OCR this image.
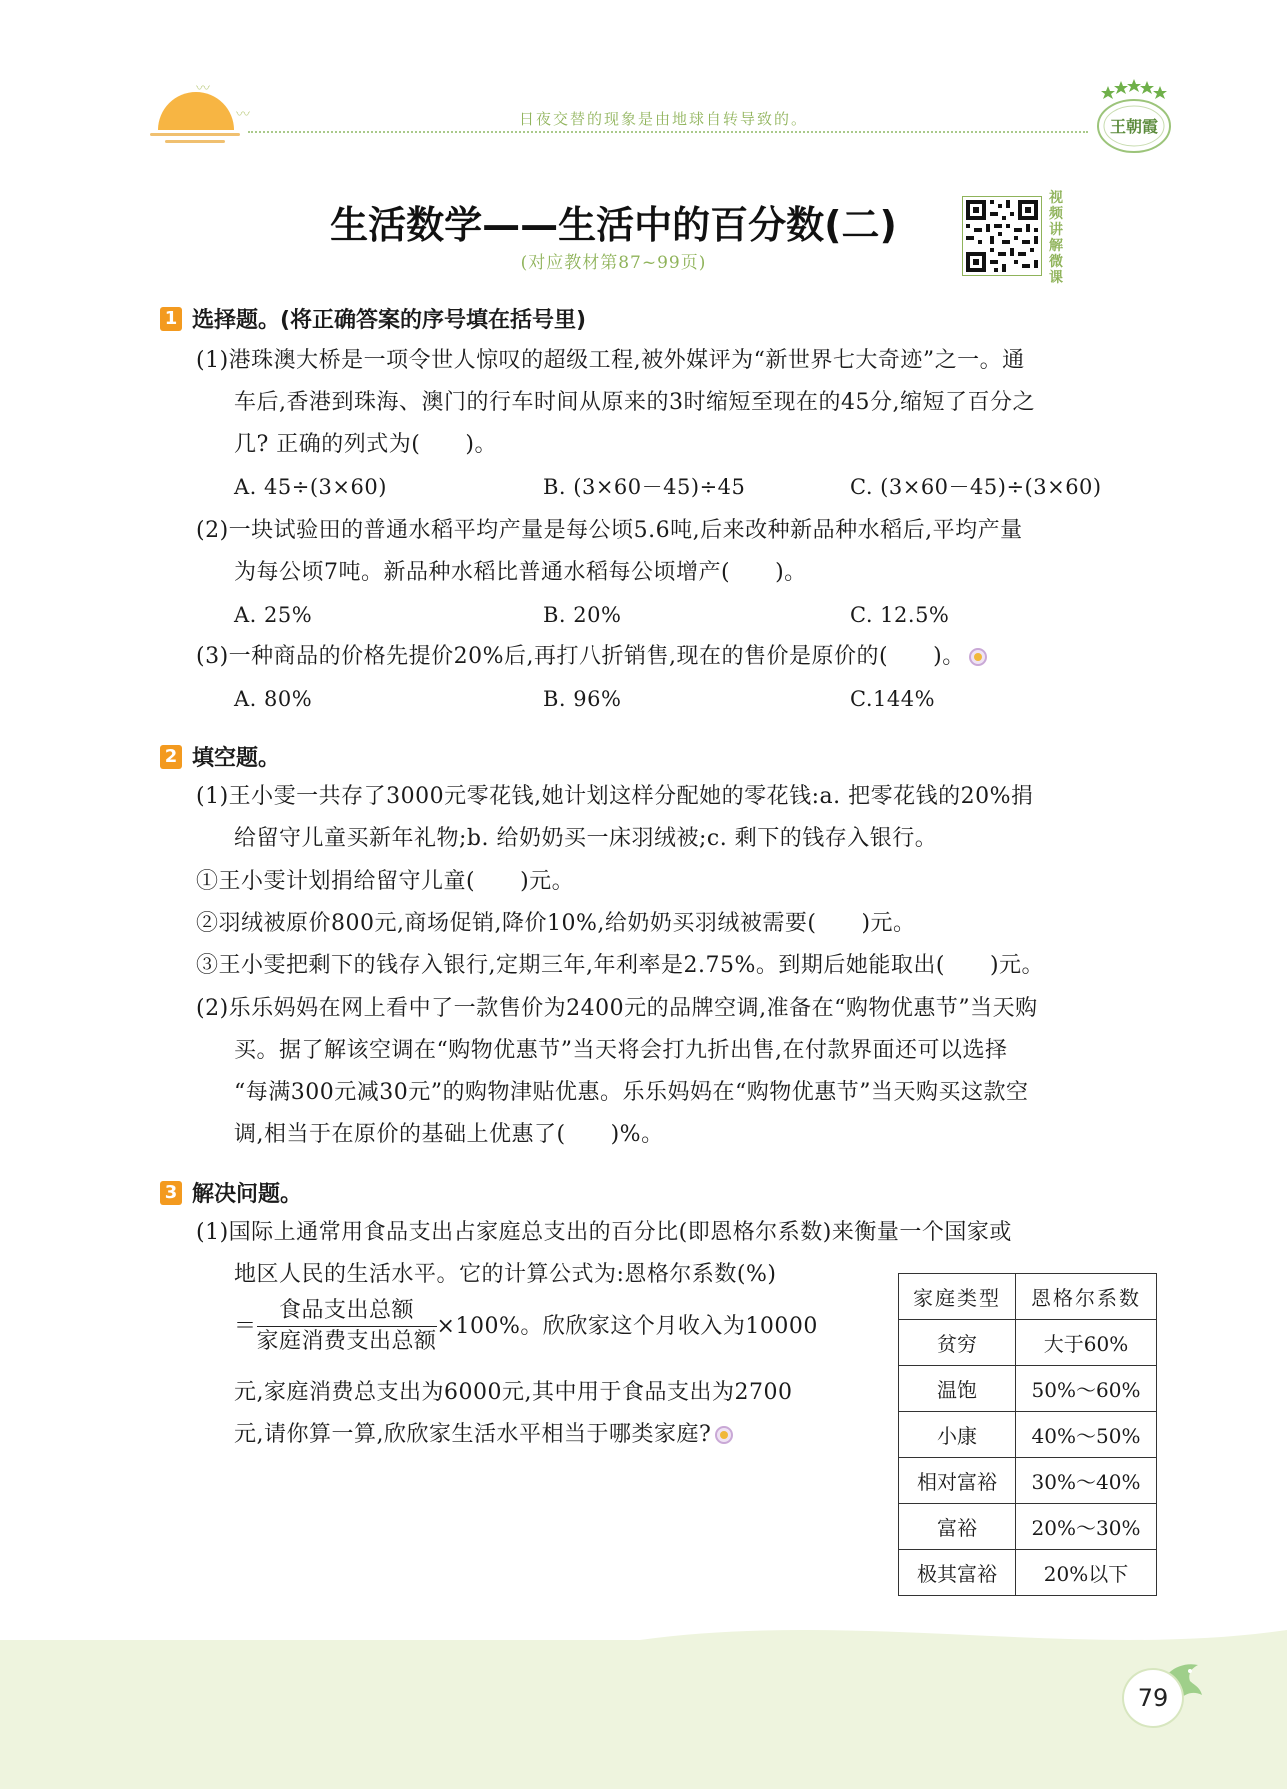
〰
〰	日夜交替的现象是由地球自转导致的。	王朝霞
生活数学——生活中的百分数(二)
(对应教材第87~99页)
视频讲解微课
1 选择题。(将正确答案的序号填在括号里)
(1)港珠澳大桥是一项令世人惊叹的超级工程,被外媒评为“新世界七大奇迹”之一。通
车后,香港到珠海、澳门的行车时间从原来的3时缩短至现在的45分,缩短了百分之
几? 正确的列式为(　　)。
A. 45÷(3×60)	B. (3×60－45)÷45	C. (3×60－45)÷(3×60)
(2)一块试验田的普通水稻平均产量是每公顷5.6吨,后来改种新品种水稻后,平均产量
为每公顷7吨。新品种水稻比普通水稻每公顷增产(　　)。
A. 25%	B. 20%	C. 12.5%
(3)一种商品的价格先提价20%后,再打八折销售,现在的售价是原价的(　　)。
A. 80%	B. 96%	C.144%
2 填空题。
(1)王小雯一共存了3000元零花钱,她计划这样分配她的零花钱:a. 把零花钱的20%捐
给留守儿童买新年礼物;b. 给奶奶买一床羽绒被;c. 剩下的钱存入银行。
①王小雯计划捐给留守儿童(　　)元。
②羽绒被原价800元,商场促销,降价10%,给奶奶买羽绒被需要(　　)元。
③王小雯把剩下的钱存入银行,定期三年,年利率是2.75%。到期后她能取出(　　)元。
(2)乐乐妈妈在网上看中了一款售价为2400元的品牌空调,准备在“购物优惠节”当天购
买。据了解该空调在“购物优惠节”当天将会打九折出售,在付款界面还可以选择
“每满300元减30元”的购物津贴优惠。乐乐妈妈在“购物优惠节”当天购买这款空
调,相当于在原价的基础上优惠了(　　)%。
3 解决问题。
(1)国际上通常用食品支出占家庭总支出的百分比(即恩格尔系数)来衡量一个国家或
地区人民的生活水平。它的计算公式为:恩格尔系数(%)
＝ $\frac{\text{食品支出总额}}{\text{家庭消费支出总额}} \times 100\%$。欣欣家这个月收入为10000
元,家庭消费总支出为6000元,其中用于食品支出为2700
元,请你算一算,欣欣家生活水平相当于哪类家庭?
家庭类型	恩格尔系数
贫穷	大于60%
温饱	50%～60%
小康	40%～50%
相对富裕	30%～40%
富裕	20%～30%
极其富裕	20%以下
79
